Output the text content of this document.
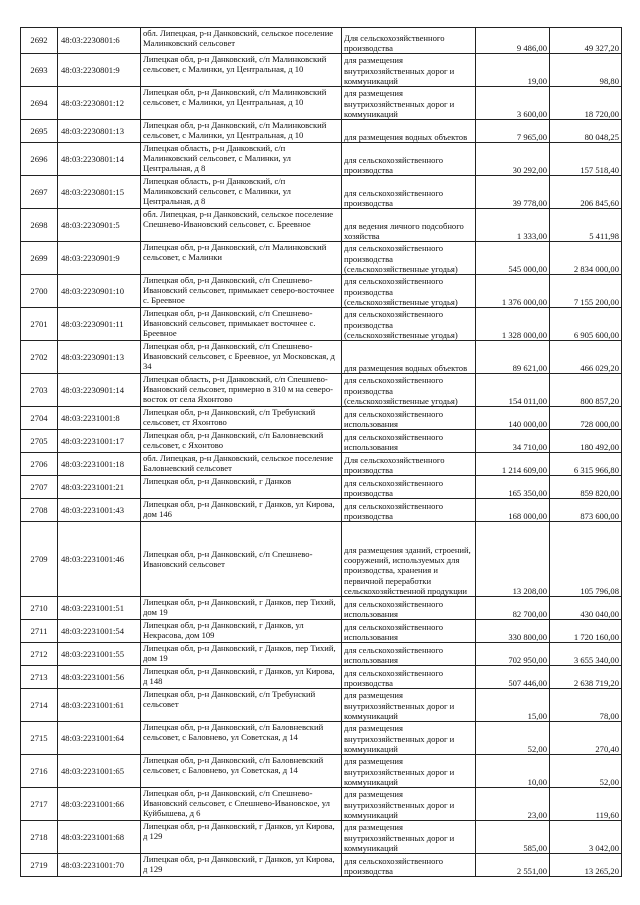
2692	48:03:2230801:6	обл. Липецкая, р-н Данковский, сельское поселение Малинковский сельсовет	Для сельскохозяйственного производства	9 486,00	49 327,20
2693	48:03:2230801:9	Липецкая обл, р-н Данковский, с/п Малинковский сельсовет, с Малинки, ул Центральная, д 10	для размещения внутрихозяйственных дорог и коммуникаций	19,00	98,80
2694	48:03:2230801:12	Липецкая обл, р-н Данковский, с/п Малинковский сельсовет, с Малинки, ул Центральная, д 10	для размещения внутрихозяйственных дорог и коммуникаций	3 600,00	18 720,00
2695	48:03:2230801:13	Липецкая обл, р-н Данковский, с/п Малинковский сельсовет, с Малинки, ул Центральная, д 10	для размещения водных объектов	7 965,00	80 048,25
2696	48:03:2230801:14	Липецкая область, р-н Данковский, с/п Малинковский сельсовет, с Малинки, ул Центральная, д 8	для сельскохозяйственного производства	30 292,00	157 518,40
2697	48:03:2230801:15	Липецкая область, р-н Данковский, с/п Малинковский сельсовет, с Малинки, ул Центральная, д 8	для сельскохозяйственного производства	39 778,00	206 845,60
2698	48:03:2230901:5	обл. Липецкая, р-н Данковский, сельское поселение Спешнево-Ивановский сельсовет, с. Бреевное	для ведения личного подсобного хозяйства	1 333,00	5 411,98
2699	48:03:2230901:9	Липецкая обл, р-н Данковский, с/п Малинковский сельсовет, с Малинки	для сельскохозяйственного производства (сельскохозяйственные угодья)	545 000,00	2 834 000,00
2700	48:03:2230901:10	Липецкая обл, р-н Данковский, с/п Спешнево-Ивановский сельсовет, примыкает северо-восточнее с. Бреевное	для сельскохозяйственного производства (сельскохозяйственные угодья)	1 376 000,00	7 155 200,00
2701	48:03:2230901:11	Липецкая обл, р-н Данковский, с/п Спешнево-Ивановский сельсовет, примыкает восточнее с. Бреевное	для сельскохозяйственного производства (сельскохозяйственные угодья)	1 328 000,00	6 905 600,00
2702	48:03:2230901:13	Липецкая обл, р-н Данковский, с/п Спешнево-Ивановский сельсовет, с Бреевное, ул Московская, д 34	для размещения водных объектов	89 621,00	466 029,20
2703	48:03:2230901:14	Липецкая область, р-н Данковский, с/п Спешнево-Ивановский сельсовет, примерно в 310 м на северо-восток от села Яхонтово	для сельскохозяйственного производства (сельскохозяйственные угодья)	154 011,00	800 857,20
2704	48:03:2231001:8	Липецкая обл, р-н Данковский, с/п Требунский сельсовет, ст Яхонтово	для сельскохозяйственного использования	140 000,00	728 000,00
2705	48:03:2231001:17	Липецкая обл, р-н Данковский, с/п Баловневский сельсовет, с Яхонтово	для сельскохозяйственного использования	34 710,00	180 492,00
2706	48:03:2231001:18	обл. Липецкая, р-н Данковский, сельское поселение Баловневский сельсовет	Для сельскохозяйственного производства	1 214 609,00	6 315 966,80
2707	48:03:2231001:21	Липецкая обл, р-н Данковский, г Данков	для сельскохозяйственного производства	165 350,00	859 820,00
2708	48:03:2231001:43	Липецкая обл, р-н Данковский, г Данков, ул Кирова, дом 146	для сельскохозяйственного производства	168 000,00	873 600,00
2709	48:03:2231001:46	Липецкая обл, р-н Данковский, с/п Спешнево-Ивановский сельсовет	для размещения зданий, строений, сооружений, используемых для производства, хранения и первичной переработки сельскохозяйственной продукции	13 208,00	105 796,08
2710	48:03:2231001:51	Липецкая обл, р-н Данковский, г Данков, пер Тихий, дом 19	для сельскохозяйственного использования	82 700,00	430 040,00
2711	48:03:2231001:54	Липецкая обл, р-н Данковский, г Данков, ул Некрасова, дом 109	для сельскохозяйственного использования	330 800,00	1 720 160,00
2712	48:03:2231001:55	Липецкая обл, р-н Данковский, г Данков, пер Тихий, дом 19	для сельскохозяйственного использования	702 950,00	3 655 340,00
2713	48:03:2231001:56	Липецкая обл, р-н Данковский, г Данков, ул Кирова, д 148	для сельскохозяйственного производства	507 446,00	2 638 719,20
2714	48:03:2231001:61	Липецкая обл, р-н Данковский, с/п Требунский сельсовет	для размещения внутрихозяйственных дорог и коммуникаций	15,00	78,00
2715	48:03:2231001:64	Липецкая обл, р-н Данковский, с/п Баловневский сельсовет, с Баловнево, ул Советская, д 14	для размещения внутрихозяйственных дорог и коммуникаций	52,00	270,40
2716	48:03:2231001:65	Липецкая обл, р-н Данковский, с/п Баловневский сельсовет, с Баловнево, ул Советская, д 14	для размещения внутрихозяйственных дорог и коммуникаций	10,00	52,00
2717	48:03:2231001:66	Липецкая обл, р-н Данковский, с/п Спешнево-Ивановский сельсовет, с Спешнево-Ивановское, ул Куйбышева, д 6	для размещения внутрихозяйственных дорог и коммуникаций	23,00	119,60
2718	48:03:2231001:68	Липецкая обл, р-н Данковский, г Данков, ул Кирова, д 129	для размещения внутрихозяйственных дорог и коммуникаций	585,00	3 042,00
2719	48:03:2231001:70	Липецкая обл, р-н Данковский, г Данков, ул Кирова, д 129	для сельскохозяйственного производства	2 551,00	13 265,20
